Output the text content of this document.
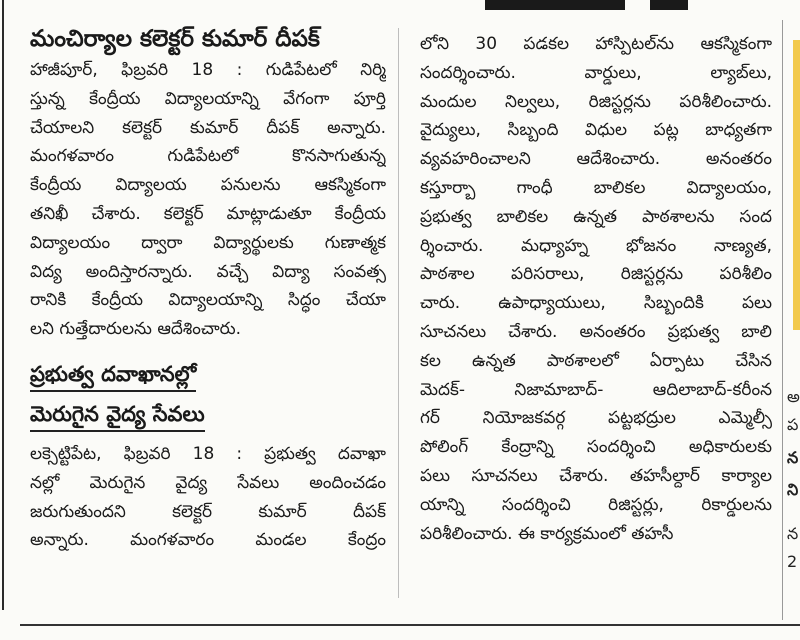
మంచిర్యాల కలెక్టర్ కుమార్ దీపక్

హాజీపూర్, ఫిబ్రవరి 18 : గుడిపేటలో నిర్మి
స్తున్న కేంద్రీయ విద్యాలయాన్ని వేగంగా పూర్తి
చేయాలని కలెక్టర్ కుమార్ దీపక్ అన్నారు.
మంగళవారం గుడిపేటలో కొనసాగుతున్న
కేంద్రీయ విద్యాలయ పనులను ఆకస్మికంగా
తనిఖీ చేశారు. కలెక్టర్ మాట్లాడుతూ కేంద్రీయ
విద్యాలయం ద్వారా విద్యార్థులకు గుణాత్మక
విద్య అందిస్తారన్నారు. వచ్చే విద్యా సంవత్స
రానికి కేంద్రీయ విద్యాలయాన్ని సిద్ధం చేయా
లని గుత్తేదారులను ఆదేశించారు.

ప్రభుత్వ దవాఖానల్లో
మెరుగైన వైద్య సేవలు

లక్సెట్టిపేట, ఫిబ్రవరి 18 : ప్రభుత్వ దవాఖా
నల్లో మెరుగైన వైద్య సేవలు అందించడం
జరుగుతుందని కలెక్టర్ కుమార్ దీపక్
అన్నారు. మంగళవారం మండల కేంద్రం

లోని 30 పడకల హాస్పిటల్‌ను ఆకస్మికంగా
సందర్శించారు. వార్డులు, ల్యాబ్‌లు,
మందుల నిల్వలు, రిజిస్టర్లను పరిశీలించారు.
వైద్యులు, సిబ్బంది విధుల పట్ల బాధ్యతగా
వ్యవహరించాలని ఆదేశించారు. అనంతరం
కస్తూర్బా గాంధీ బాలికల విద్యాలయం,
ప్రభుత్వ బాలికల ఉన్నత పాఠశాలను సంద
ర్శించారు. మధ్యాహ్న భోజనం నాణ్యత,
పాఠశాల పరిసరాలు, రిజిస్టర్లను పరిశీలిం
చారు. ఉపాధ్యాయులు, సిబ్బందికి పలు
సూచనలు చేశారు. అనంతరం ప్రభుత్వ బాలి
కల ఉన్నత పాఠశాలలో ఏర్పాటు చేసిన
మెదక్- నిజామాబాద్- ఆదిలాబాద్-కరీంన
గర్ నియోజకవర్గ పట్టభద్రుల ఎమ్మెల్సీ
పోలింగ్ కేంద్రాన్ని సందర్శించి అధికారులకు
పలు సూచనలు చేశారు. తహసీల్దార్ కార్యాల
యాన్ని సందర్శించి రిజిస్టర్లు, రికార్డులను
పరిశీలించారు. ఈ కార్యక్రమంలో తహసీ

అ
ప
న
ని
న
2
